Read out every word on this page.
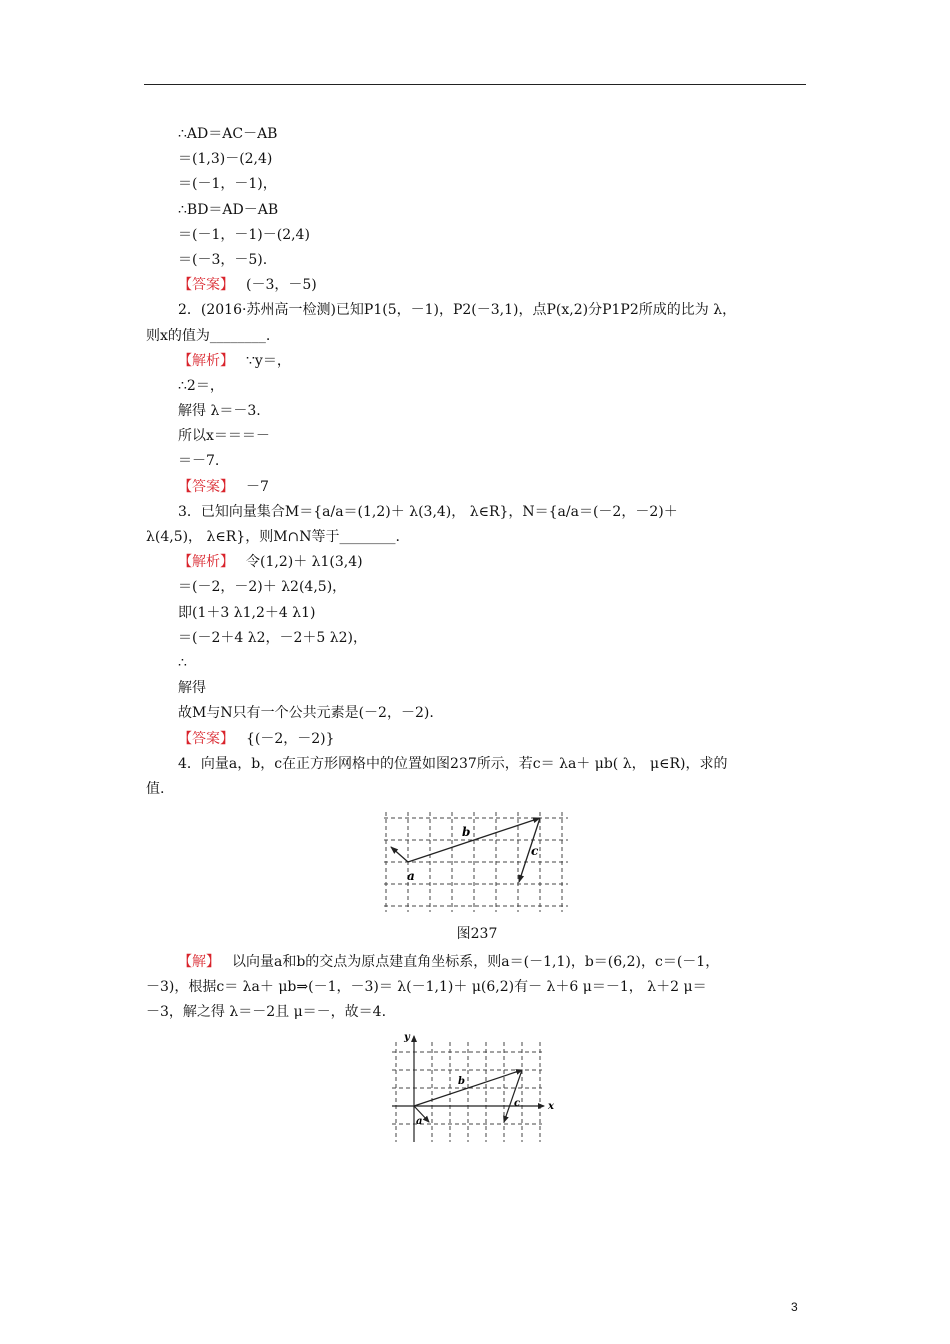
∴AD＝AC－AB
＝(1,3)－(2,4)
＝(－1，－1)，
∴BD＝AD－AB
＝(－1，－1)－(2,4)
＝(－3，－5).
【答案】 (－3，－5)
2．(2016·苏州高一检测)已知P1(5，－1)，P2(－3,1)，点P(x,2)分P1P2所成的比为 λ，
则x的值为________.
【解析】 ∵y＝，
∴2＝，
解得 λ＝－3.
所以x＝＝＝－
＝－7.
【答案】 －7
3．已知向量集合M＝{a/a＝(1,2)＋ λ(3,4)， λ∈R}，N＝{a/a＝(－2，－2)＋
λ(4,5)， λ∈R}，则M∩N等于________.
【解析】 令(1,2)＋ λ1(3,4)
＝(－2，－2)＋ λ2(4,5)，
即(1＋3 λ1,2＋4 λ1)
＝(－2＋4 λ2，－2＋5 λ2)，
∴
解得
故M与N只有一个公共元素是(－2，－2).
【答案】 {(－2，－2)}
4．向量a，b，c在正方形网格中的位置如图237所示，若c＝ λa＋ μb( λ， μ∈R)，求的
值.
b
c
a
图237
【解】 以向量a和b的交点为原点建直角坐标系，则a＝(－1,1)，b＝(6,2)，c＝(－1，
－3)，根据c＝ λa＋ μb⇒(－1，－3)＝ λ(－1,1)＋ μ(6,2)有－ λ＋6 μ＝－1， λ＋2 μ＝
－3，解之得 λ＝－2且 μ＝－，故＝4.
b
c
a
x
y
3
